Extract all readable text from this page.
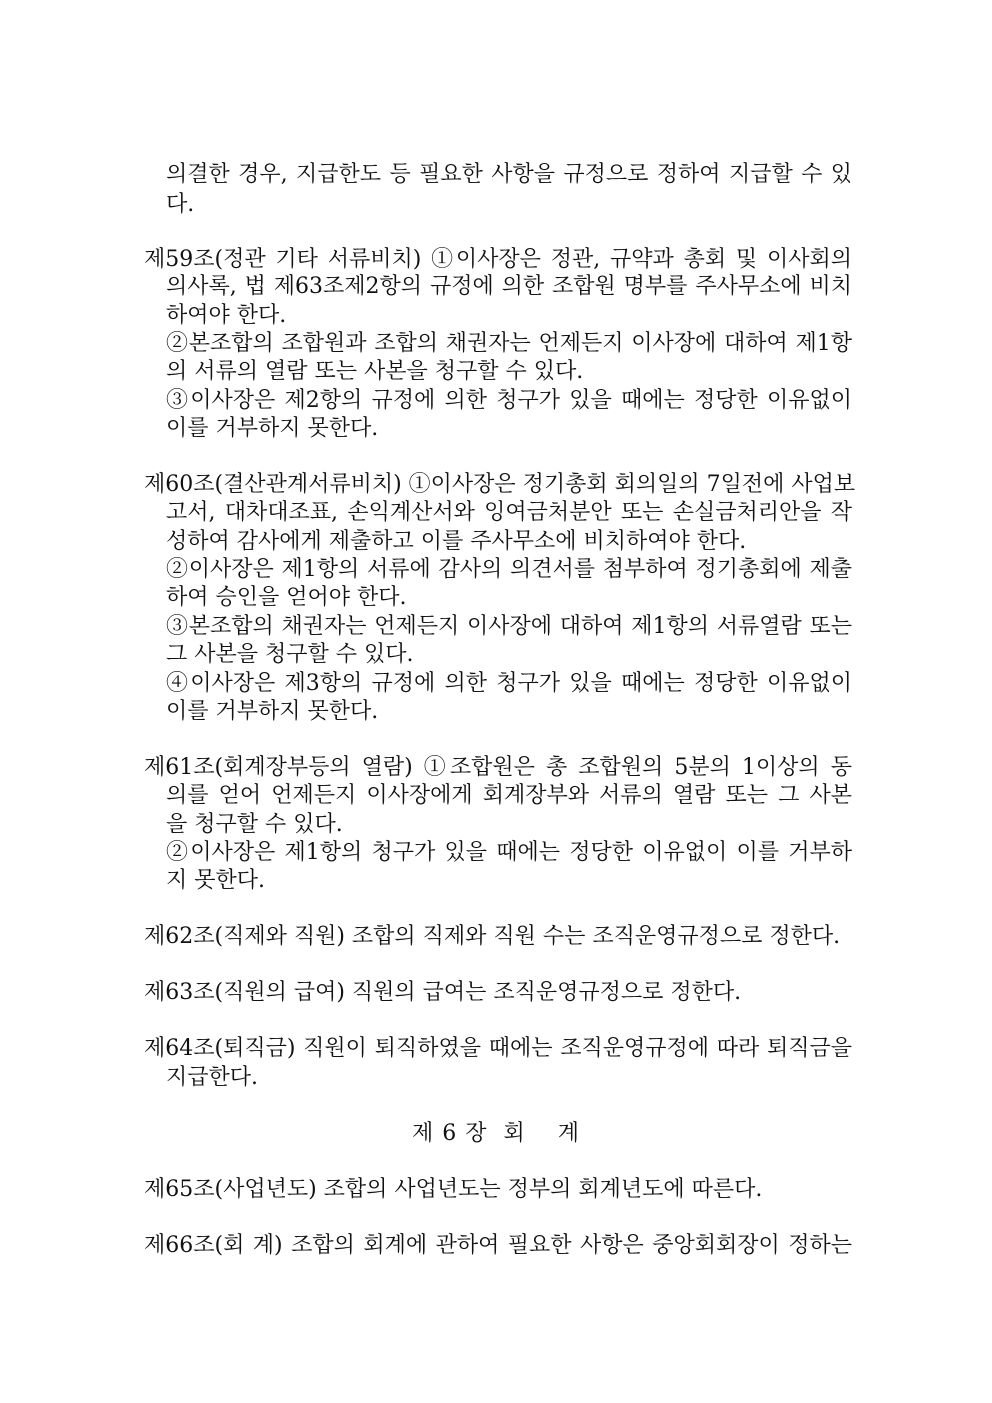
의결한 경우, 지급한도 등 필요한 사항을 규정으로 정하여 지급할 수 있
다.
제59조(정관 기타 서류비치) ①이사장은 정관, 규약과 총회 및 이사회의
의사록, 법 제63조제2항의 규정에 의한 조합원 명부를 주사무소에 비치
하여야 한다.
②본조합의 조합원과 조합의 채권자는 언제든지 이사장에 대하여 제1항
의 서류의 열람 또는 사본을 청구할 수 있다.
③이사장은 제2항의 규정에 의한 청구가 있을 때에는 정당한 이유없이
이를 거부하지 못한다.
제60조(결산관계서류비치) ①이사장은 정기총회 회의일의 7일전에 사업보
고서, 대차대조표, 손익계산서와 잉여금처분안 또는 손실금처리안을 작
성하여 감사에게 제출하고 이를 주사무소에 비치하여야 한다.
②이사장은 제1항의 서류에 감사의 의견서를 첨부하여 정기총회에 제출
하여 승인을 얻어야 한다.
③본조합의 채권자는 언제든지 이사장에 대하여 제1항의 서류열람 또는
그 사본을 청구할 수 있다.
④이사장은 제3항의 규정에 의한 청구가 있을 때에는 정당한 이유없이
이를 거부하지 못한다.
제61조(회계장부등의 열람) ①조합원은 총 조합원의 5분의 1이상의 동
의를 얻어 언제든지 이사장에게 회계장부와 서류의 열람 또는 그 사본
을 청구할 수 있다.
②이사장은 제1항의 청구가 있을 때에는 정당한 이유없이 이를 거부하
지 못한다.
제62조(직제와 직원) 조합의 직제와 직원 수는 조직운영규정으로 정한다.
제63조(직원의 급여) 직원의 급여는 조직운영규정으로 정한다.
제64조(퇴직금) 직원이 퇴직하였을 때에는 조직운영규정에 따라 퇴직금을
지급한다.
제 6 장  회    계
제65조(사업년도) 조합의 사업년도는 정부의 회계년도에 따른다.
제66조(회 계) 조합의 회계에 관하여 필요한 사항은 중앙회회장이 정하는
